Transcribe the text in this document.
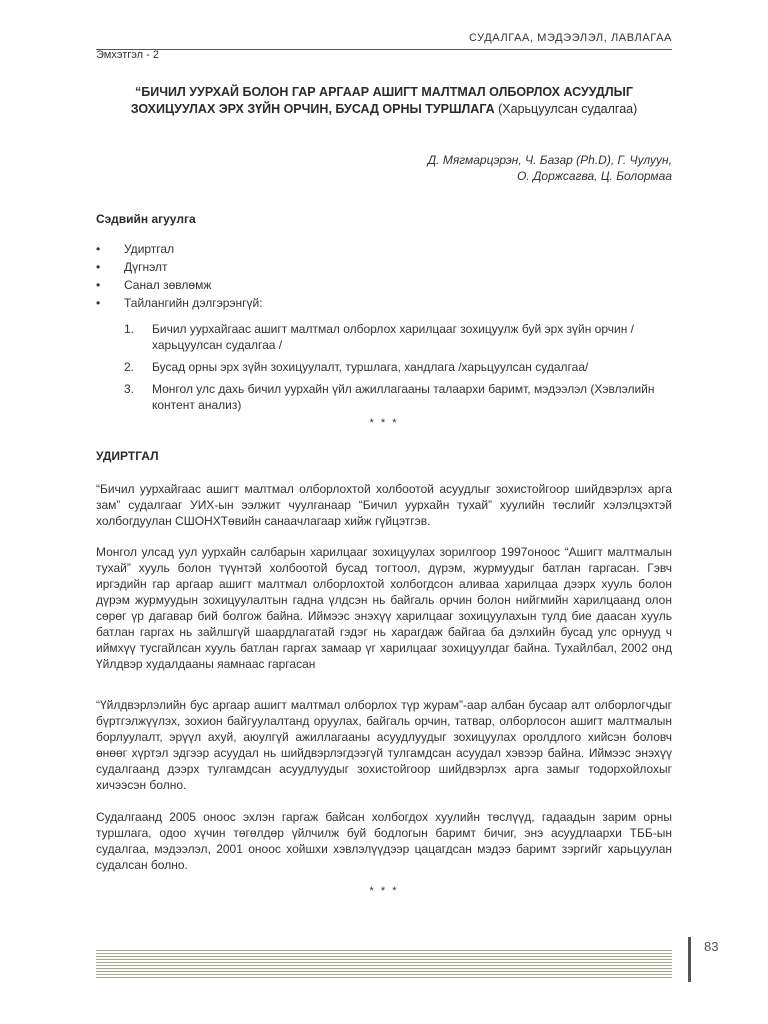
СУДАЛГАА, МЭДЭЭЛЭЛ, ЛАВЛАГАА
Эмхэтгэл - 2
“БИЧИЛ УУРХАЙ БОЛОН ГАР АРГААР АШИГТ МАЛТМАЛ ОЛБОРЛОХ АСУУДЛЫГ ЗОХИЦУУЛАХ ЭРХ ЗҮЙН ОРЧИН, БУСАД ОРНЫ ТУРШЛАГА (Харьцуулсан судалгаа)
Д. Мягмарцэрэн, Ч. Базар (Ph.D), Г. Чулуун,
О. Доржсагва, Ц. Болормаа
Сэдвийн агуулга
•	Удиртгал
•	Дүгнэлт
•	Санал зөвлөмж
•	Тайлангийн дэлгэрэнгүй:
1.	Бичил уурхайгаас ашигт малтмал олборлох харилцааг зохицуулж буй эрх зүйн орчин /харьцуулсан судалгаа /
2.	Бусад орны эрх зүйн зохицуулалт, туршлага, хандлага /харьцуулсан судалгаа/
3.	Монгол улс дахь бичил уурхайн үйл ажиллагааны талаархи баримт, мэдээлэл (Хэвлэлийн контент анализ)
* * *
УДИРТГАЛ
“Бичил уурхайгаас ашигт малтмал олборлохтой холбоотой асуудлыг зохистойгоор шийдвэрлэх арга зам” судалгааг УИХ-ын ээлжит чуулганаар “Бичил уурхайн тухай” хуулийн төслийг хэлэлцэхтэй холбогдуулан СШОНХТөвийн санаачлагаар хийж гүйцэтгэв.
Монгол улсад уул уурхайн салбарын харилцааг зохицуулах зорилгоор 1997оноос “Ашигт малтмалын тухай” хууль болон түүнтэй холбоотой бусад тогтоол, дүрэм, журмуудыг батлан гаргасан. Гэвч иргэдийн гар аргаар ашигт малтмал олборлохтой холбогдсон аливаа харилцаа дээрх хууль болон дүрэм журмуудын зохицуулалтын гадна үлдсэн нь байгаль орчин болон нийгмийн харилцаанд олон сөрөг үр дагавар бий болгож байна. Иймээс энэхүү харилцааг зохицуулахын тулд бие даасан хууль батлан гаргах нь зайлшгүй шаардлагатай гэдэг нь харагдаж байгаа ба дэлхийн бусад улс орнууд ч иймхүү тусгайлсан хууль батлан гаргах замаар үг харилцааг зохицуулдаг байна. Тухайлбал, 2002 онд Үйлдвэр худалдааны яамнаас гаргасан
“Үйлдвэрлэлийн бус аргаар ашигт малтмал олборлох түр журам”-аар албан бусаар алт олборлогчдыг бүртгэлжүүлэх, зохион байгуулалтанд оруулах, байгаль орчин, татвар, олборлосон ашигт малтмалын борлуулалт, эрүүл ахуй, аюулгүй ажиллагааны асуудлуудыг зохицуулах оролдлого хийсэн боловч өнөөг хүртэл эдгээр асуудал нь шийдвэрлэгдээгүй тулгамдсан асуудал хэвээр байна. Иймээс энэхүү судалгаанд дээрх тулгамдсан асуудлуудыг зохистойгоор шийдвэрлэх арга замыг тодорхойлохыг хичээсэн болно.
Судалгаанд 2005 оноос эхлэн гаргаж байсан холбогдох хуулийн төслүүд, гадаадын зарим орны туршлага, одоо хүчин төгөлдөр үйлчилж буй бодлогын баримт бичиг, энэ асуудлаархи ТББ-ын судалгаа, мэдээлэл, 2001 оноос хойшхи хэвлэлүүдээр цацагдсан мэдээ баримт зэргийг харьцуулан судалсан болно.
* * *
83
